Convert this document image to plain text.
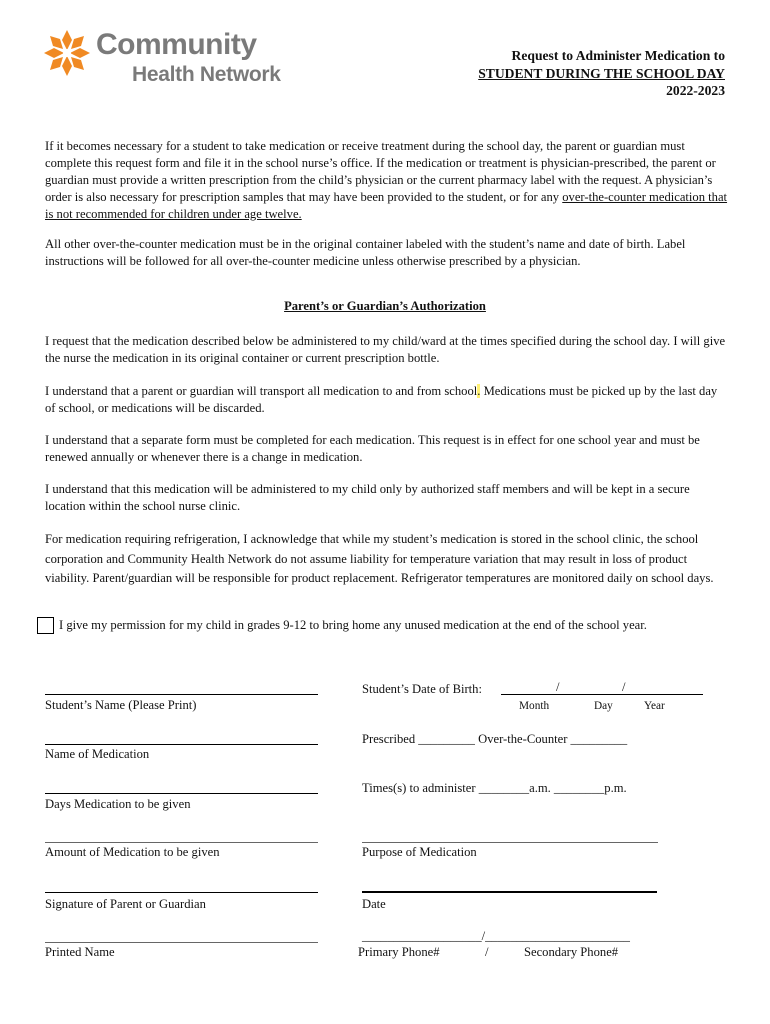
Community
Health Network
Request to Administer Medication to
STUDENT DURING THE SCHOOL DAY
2022-2023
If it becomes necessary for a student to take medication or receive treatment during the school day, the parent or guardian must complete this request form and file it in the school nurse’s office. If the medication or treatment is physician-prescribed, the parent or guardian must provide a written prescription from the child’s physician or the current pharmacy label with the request. A physician’s order is also necessary for prescription samples that may have been provided to the student, or for any over-the-counter medication that is not recommended for children under age twelve.
All other over-the-counter medication must be in the original container labeled with the student’s name and date of birth. Label instructions will be followed for all over-the-counter medicine unless otherwise prescribed by a physician.
Parent’s or Guardian’s Authorization
I request that the medication described below be administered to my child/ward at the times specified during the school day. I will give the nurse the medication in its original container or current prescription bottle.
I understand that a parent or guardian will transport all medication to and from school. Medications must be picked up by the last day of school, or medications will be discarded.
I understand that a separate form must be completed for each medication. This request is in effect for one school year and must be renewed annually or whenever there is a change in medication.
I understand that this medication will be administered to my child only by authorized staff members and will be kept in a secure location within the school nurse clinic.
For medication requiring refrigeration, I acknowledge that while my student’s medication is stored in the school clinic, the school corporation and Community Health Network do not assume liability for temperature variation that may result in loss of product viability. Parent/guardian will be responsible for product replacement. Refrigerator temperatures are monitored daily on school days.
I give my permission for my child in grades 9-12 to bring home any unused medication at the end of the school year.
Student’s Name (Please Print)
Student’s Date of Birth:	/	/
Month	Day	Year
Name of Medication
Prescribed _________ Over-the-Counter _________
Days Medication to be given
Times(s) to administer ________a.m. ________p.m.
Amount of Medication to be given	Purpose of Medication
Signature of Parent or Guardian	Date
Printed Name
___________________/_______________________
Primary Phone#	/	Secondary Phone#
